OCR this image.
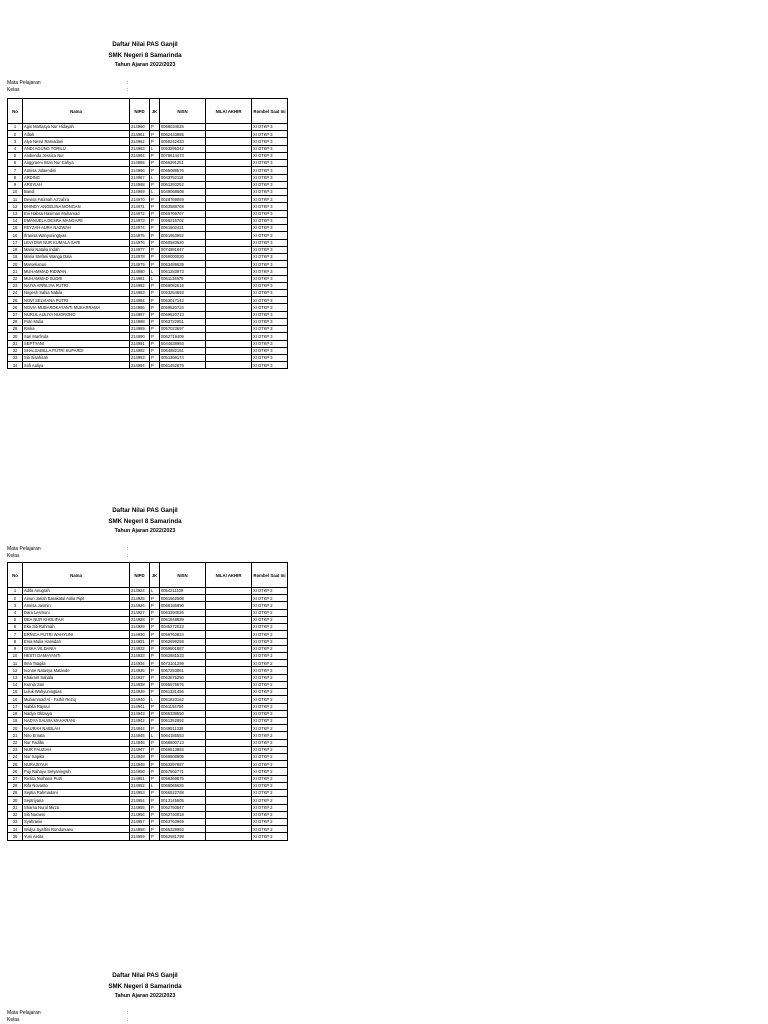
Daftar Nilai PAS Ganjil
SMK Negeri 8 Samarinda
Tahun Ajaran 2022/2023
Mata Pelajaran	:
Kelas	:
No	Nama	NIPD	JK	NISN	NILAI AKHIR	Rombel Saat Ini
1	Agis Martasya Nur Hidayah	214960	P	0068034025		XI OTKP 3
2	Aifiah	214961	P	0062443885		XI OTKP 3
3	Alya Nesvi Ramadani	214962	P	0058242433		XI OTKP 3
4	ANDI AGUNG TORILU	214963	L	0053295342		XI OTKP 3
5	Andienda Jessica Nur	214964	P	0078614473		XI OTKP 3
6	Anggraeni Intan Nur Cahya	214965	P	0066391251		XI OTKP 3
7	Annisa Julaendini	214966	P	0065088576		XI OTKP 3
8	ARDING	214967	L	0043752118		XI OTKP 3
9	ARSYIAH	214968	P	0061283252		XI OTKP 3
10	Bandi	214969	L	0049068608		XI OTKP 3
11	Devisa Fatimah Az'zahra	214970	P	0028769069		XI OTKP 3
12	DHINDY ANGELINA MONGAN	214971	P	0063588768		XI OTKP 3
13	Eni Habsa Hasiman Muhamad	214972	P	0065766767		XI OTKP 3
14	EMANUELA DESRA MANGAPE	214973	P	0058216702		XI OTKP 3
15	FEYZAH AURA NAZWAH	214974	P	0061602431		XI OTKP 3
16	Ifranisa Wahyuningtyas	214975	P	0051953952		XI OTKP 3
17	LEVI DWI NUR KUMALA SARI	214976	P	0060583520		XI OTKP 3
18	Maria Natalia Indah	214977	P	0074881847		XI OTKP 3
19	Maria Stefani Wanga Dala	214978	P	0059000020		XI OTKP 3
20	Marselianus	214979	P	0063489639		XI OTKP 3
21	MUHAMMAD RIDWAN	214980	L	0061283973		XI OTKP 3
22	MUHAMMAD SUDRI	214981	L	0061134975		XI OTKP 3
23	NAIYA APRILIYA PUTRI	214982	P	0068082616		XI OTKP 3
24	Nngesh Salsa Nabila	214983	P	0053254693		XI OTKP 3
25	NOVI SELVIANA PUTRI	214984	P	0063017142		XI OTKP 3
26	NOVIA MUBAROKAYANTI MUKARRAMA	214986	P	0059520724		XI OTKP 3
27	NURUL AULIYA NUGROHO	214987	P	0069520713		XI OTKP 3
28	Putri Mulia	214988	P	0063722951		XI OTKP 3
29	Rinka	214989	P	0057023697		XI OTKP 3
30	Sari Marfinda	214990	P	0062719409		XI OTKP 3
31	SEPTYANI	214991	P	0044838993		XI OTKP 3
32	SHALSABILLA PUTRI SUPARDI	214992	P	0064882151		XI OTKP 3
33	Siti Sisahirah	214993	P	0051399174		XI OTKP 3
34	Sofi Auliya	214994	P	0061452879		XI OTKP 3
Daftar Nilai PAS Ganjil
SMK Negeri 8 Samarinda
Tahun Ajaran 2022/2023
Mata Pelajaran	:
Kelas	:
No	Nama	NIPD	JK	NISN	NILAI AKHIR	Rombel Saat Ini
1	Adifa Anugrah	214924	L	0054211109		XI OTKP 2
2	Ainun Jariah Barakatul Aulia Pipit	214925	P	0061562508		XI OTKP 2
3	Annisa Jasmin	214926	P	0068155890		XI OTKP 2
4	Dara Lesmoni	214927	P	0063394026		XI OTKP 2
5	DEA NUR KHOLIFAH	214928	P	0061848839		XI OTKP 2
6	Eka Siti Rahmah	214929	P	0045272023		XI OTKP 2
7	ERNICA PUTRI WAHYUNI	214930	P	0059763824		XI OTKP 2
8	Ersa Mulia Hamidah	214931	P	0062699258		XI OTKP 2
9	GISKA VILDANIA	214932	P	0059801887		XI OTKP 2
10	HESTI DAMAYANTI	214933	P	0062881533		XI OTKP 2
11	Ilma Tsaqila	214934	P	0073101299		XI OTKP 2
12	Ivonne Natasya Matande	214935	P	0067253861		XI OTKP 2
13	Khairam Sahala	214937	P	0063875250		XI OTKP 2
14	Kurnia Sari	214938	P	0055576876		XI OTKP 2
15	Luluk Wahyuningtias	214939	P	0061331456		XI OTKP 2
16	Muhammad Al - Fathir Reziq	214940	L	0061823162		XI OTKP 2
17	Nabila Raynur	214941	P	0061154754		XI OTKP 2
18	Nadya Oktavya	214943	P	0065338550		XI OTKP 2
19	NADYA SALWA MAHARANI	214942	P	0061352892		XI OTKP 2
20	NAURAH NABILAH	214944	P	0049511338		XI OTKP 2
21	Niro Ernata	214945	L	0064185553		XI OTKP 2
22	Nur Fadilla	214946	P	0068600713		XI OTKP 2
23	NUR FAUZIAH	214947	P	0069513884		XI OTKP 2
24	Nur Sapika	214948	P	0068808905		XI OTKP 2
25	NURAISYAH	214949	P	0063297887		XI OTKP 2
26	Puji Rahayu Setyaningsih	214950	P	0057802771		XI OTKP 2
27	Resita Nurhana Putri	214951	P	0058369875		XI OTKP 2
28	Rifa Novanto	214952	L	0068065626		XI OTKP 2
29	Septia Rahmadani	214953	P	0066522788		XI OTKP 2
30	Septriyana	214954	P	0013145605		XI OTKP 2
31	Sharsa Nurul Mirza	214955	P	0062793647		XI OTKP 2
32	Siti Nuraeni	214956	P	0062740018		XI OTKP 2
33	Syahranie	214957	P	0063763969		XI OTKP 2
34	Widya Syaftini Rondonuwu	214958	P	0065328993		XI OTKP 2
35	Yuni Aetita	214959	P	0062581798		XI OTKP 2
Daftar Nilai PAS Ganjil
SMK Negeri 8 Samarinda
Tahun Ajaran 2022/2023
Mata Pelajaran	:
Kelas	:
